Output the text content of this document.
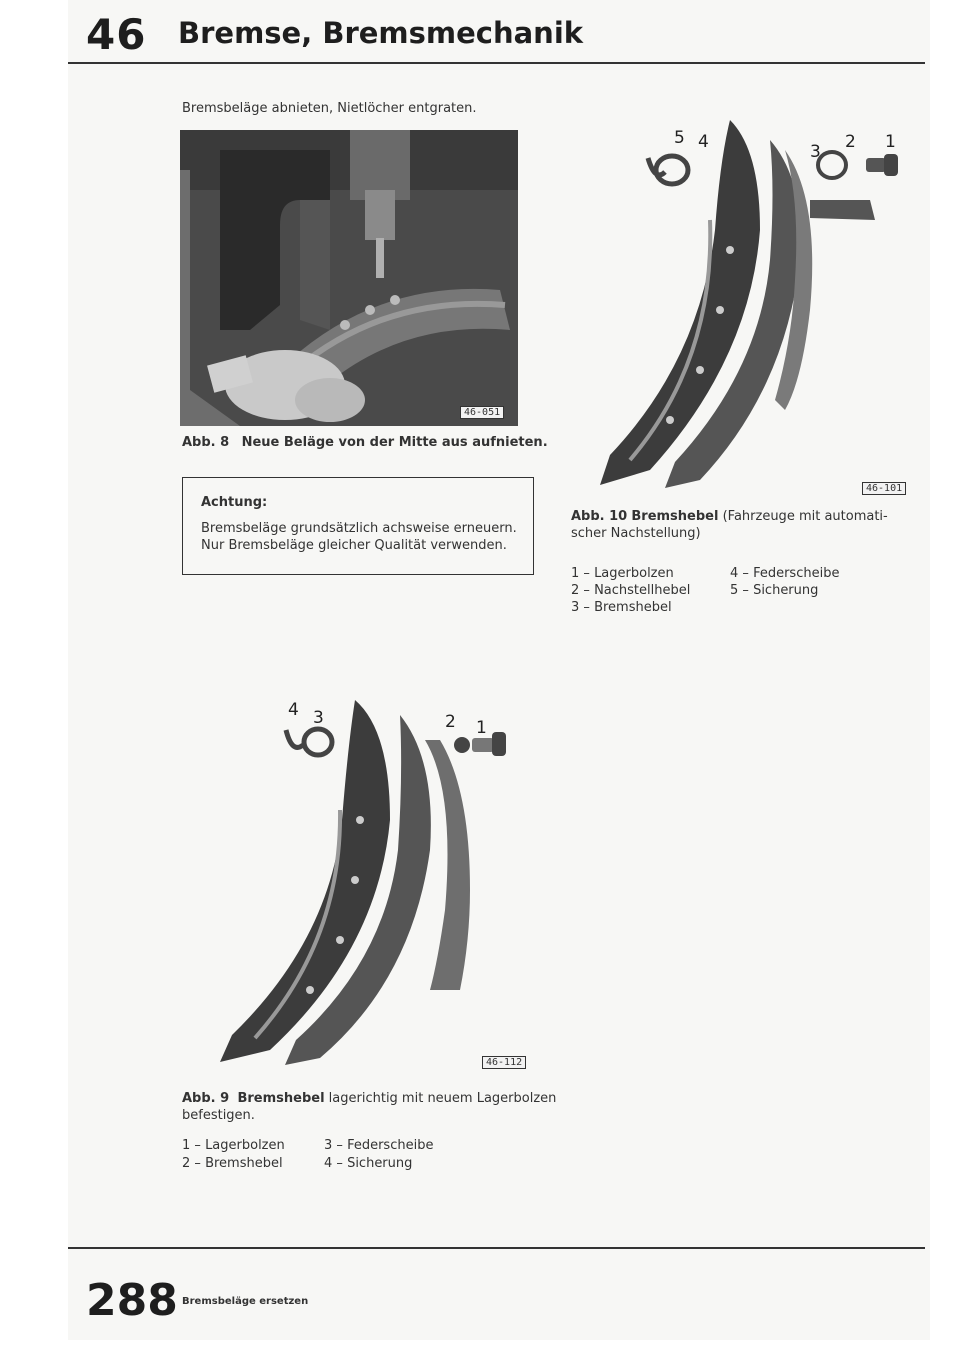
46 Bremse, Bremsmechanik
Bremsbeläge abnieten, Nietlöcher entgraten.
46-051
Abb. 8 Neue Beläge von der Mitte aus aufnieten.
Achtung:
Bremsbeläge grundsätzlich achsweise erneuern.
Nur Bremsbeläge gleicher Qualität verwenden.
5 4	3 2 1
46-101
Abb. 10 Bremshebel (Fahrzeuge mit automati-
scher Nachstellung)
1 – Lagerbolzen
2 – Nachstellhebel
3 – Bremshebel
4 – Federscheibe
5 – Sicherung
4 3	2 1
46-112
Abb. 9 Bremshebel lagerichtig mit neuem Lagerbolzen
befestigen.
1 – Lagerbolzen
2 – Bremshebel
3 – Federscheibe
4 – Sicherung
288 Bremsbeläge ersetzen
